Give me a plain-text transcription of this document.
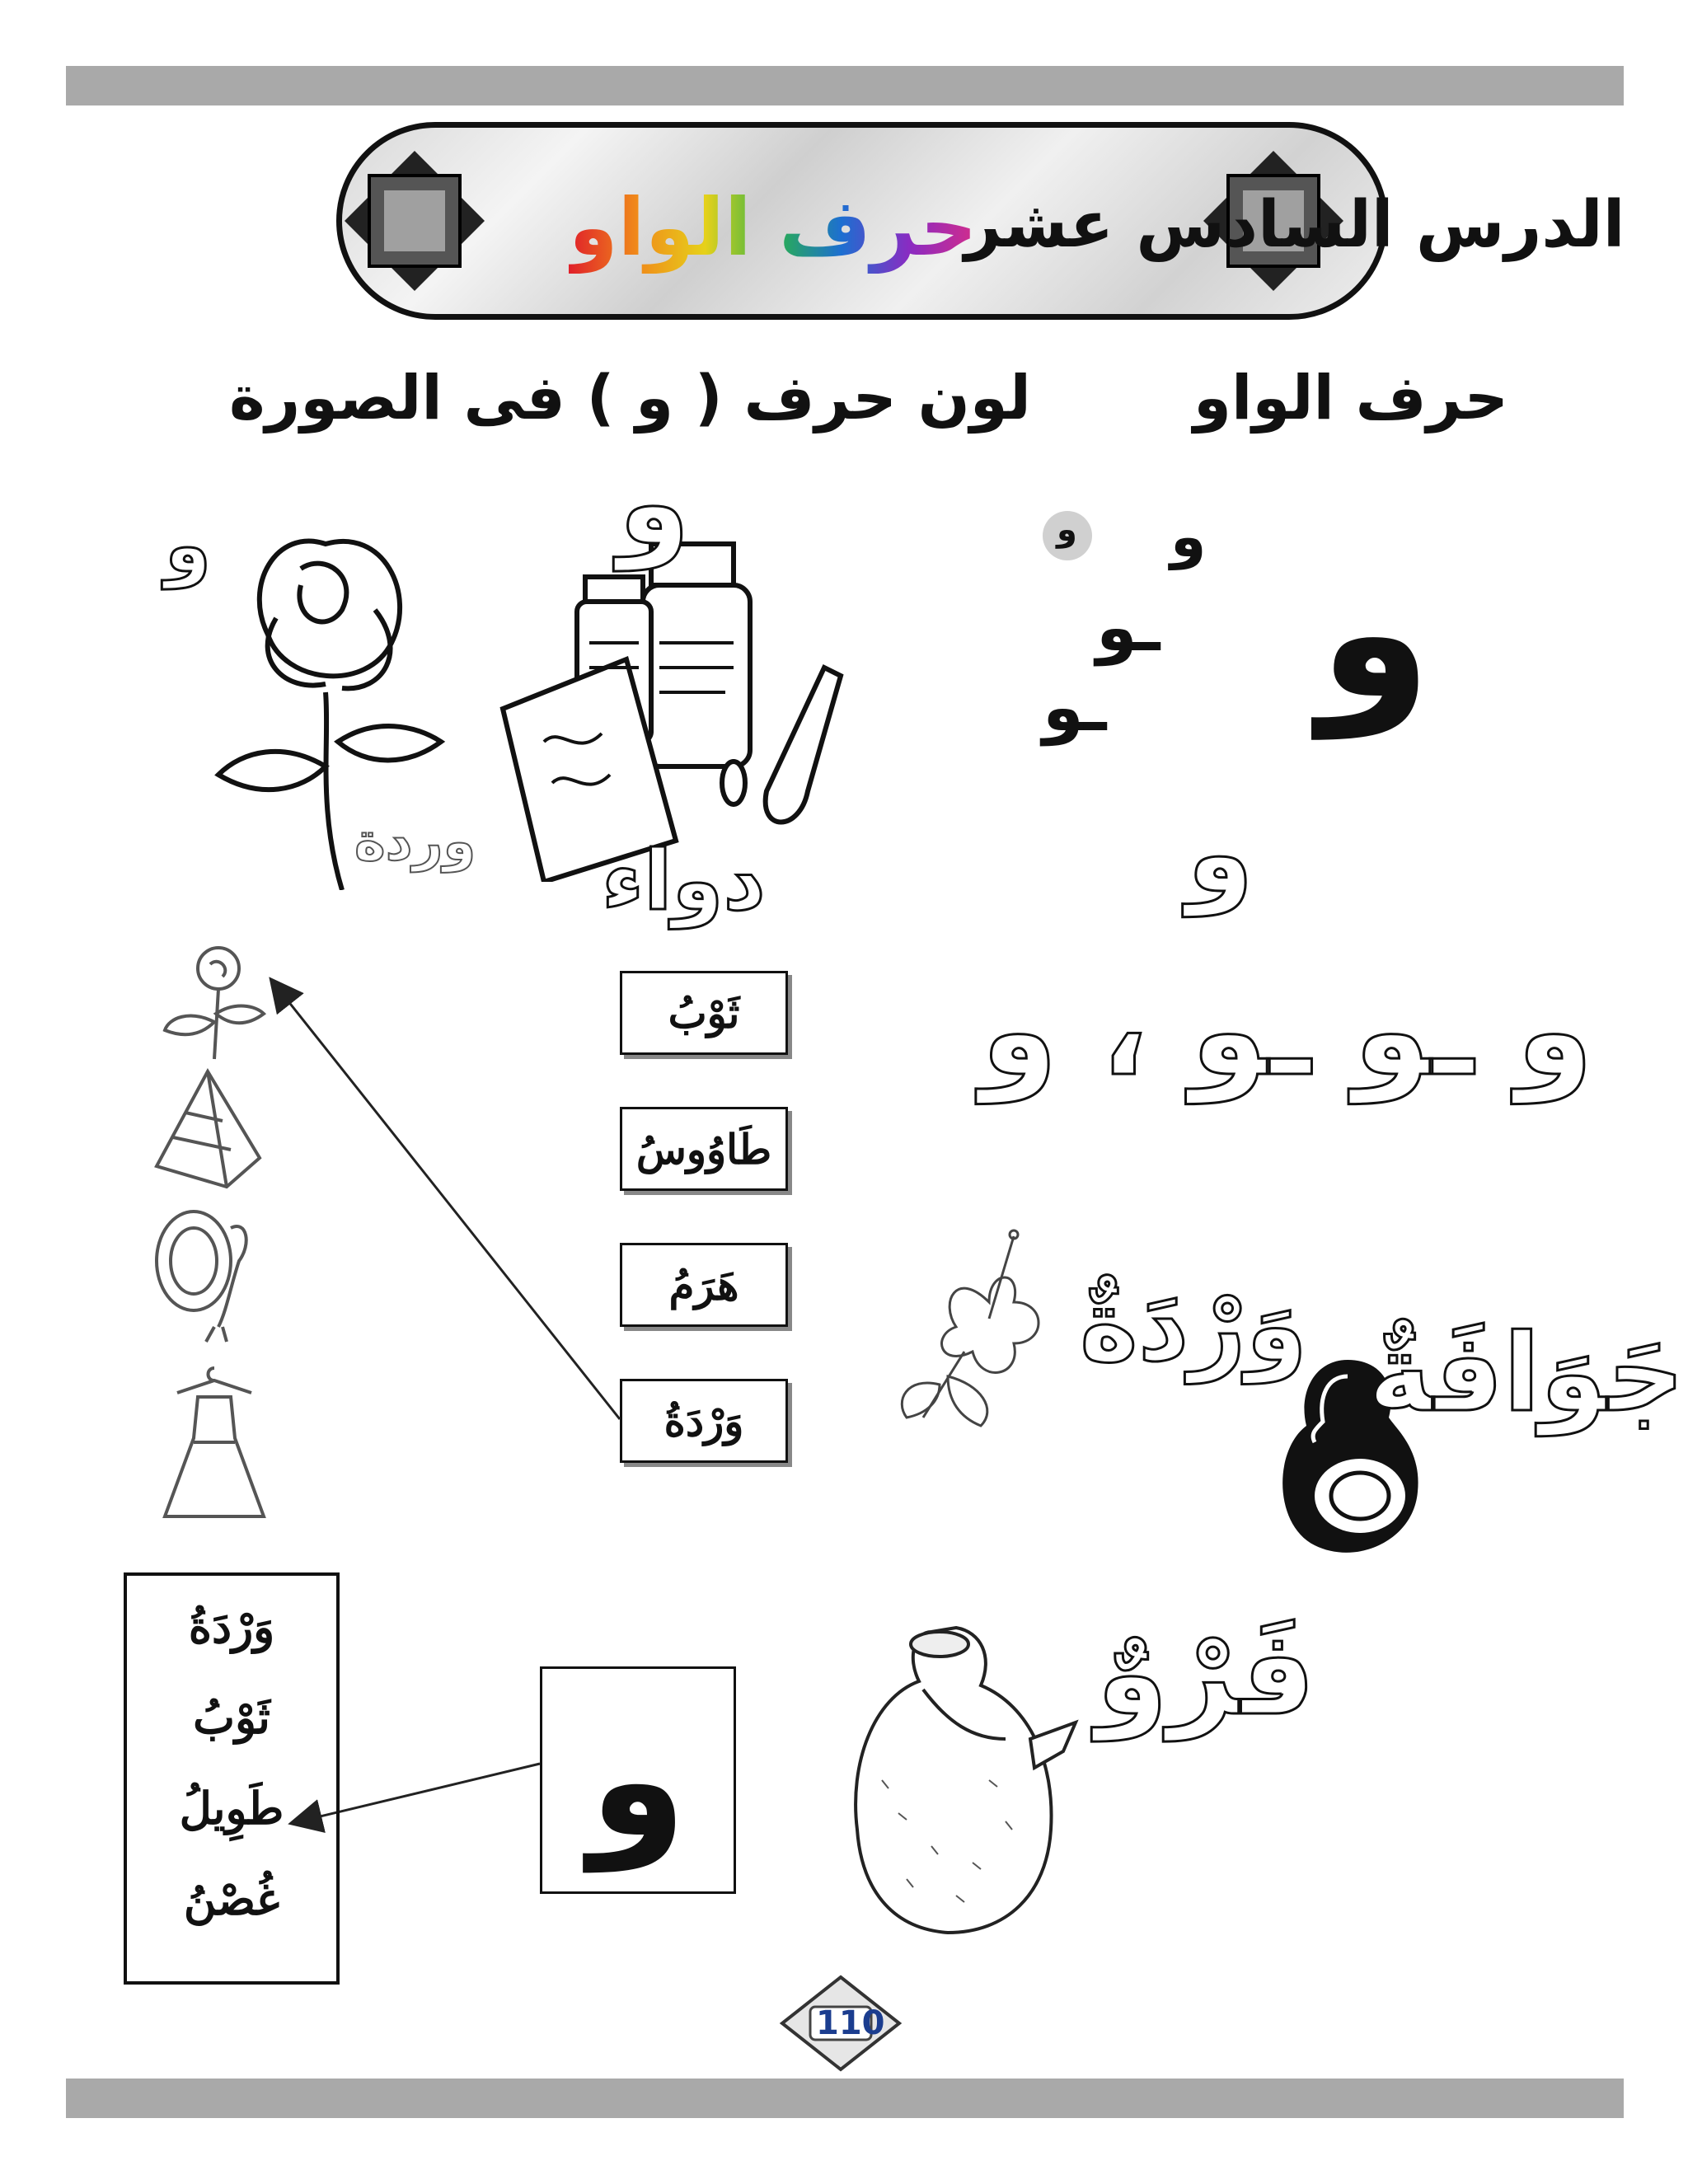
حرف الواو
الدرس السادس عشر
لون حرف ( و ) فى الصورة	حرف الواو
و
و و
ـو
ـو
و
و ـو ـو ، و
و
وردة
و
دواء
ثَوْبُ
طَاوُوسُ
هَرَمُ
وَرْدَةُ
وَرْدَةٌ جَوَافَةٌ
فَرْوٌ
وَرْدَةُ
ثَوْبُ
طَوِيلُ
غُصْنُ
و
110
